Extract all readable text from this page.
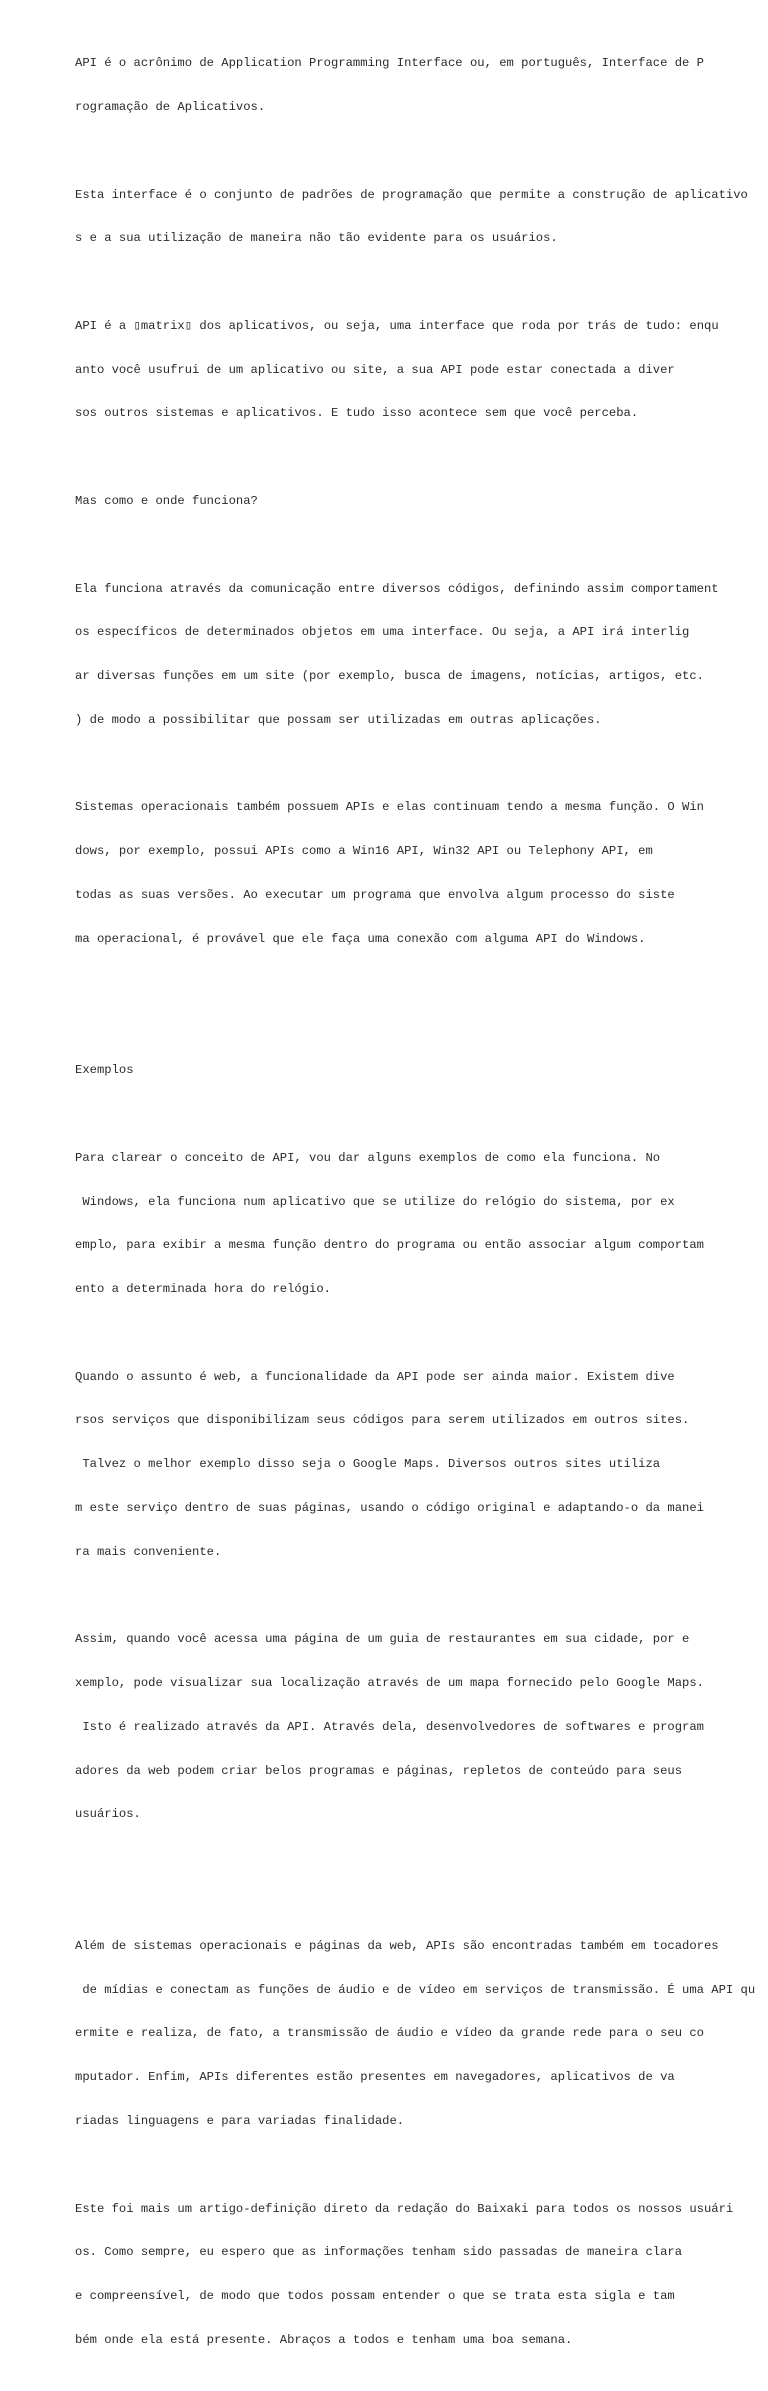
API é o acrônimo de Application Programming Interface ou, em português, Interface de P

rogramação de Aplicativos.

Esta interface é o conjunto de padrões de programação que permite a construção de aplicativo

s e a sua utilização de maneira não tão evidente para os usuários.

API é a ▯matrix▯ dos aplicativos, ou seja, uma interface que roda por trás de tudo: enqu

anto você usufrui de um aplicativo ou site, a sua API pode estar conectada a diver

sos outros sistemas e aplicativos. E tudo isso acontece sem que você perceba.

Mas como e onde funciona?

Ela funciona através da comunicação entre diversos códigos, definindo assim comportament

os específicos de determinados objetos em uma interface. Ou seja, a API irá interlig

ar diversas funções em um site (por exemplo, busca de imagens, notícias, artigos, etc.

) de modo a possibilitar que possam ser utilizadas em outras aplicações.

Sistemas operacionais também possuem APIs e elas continuam tendo a mesma função. O Win

dows, por exemplo, possui APIs como a Win16 API, Win32 API ou Telephony API, em

todas as suas versões. Ao executar um programa que envolva algum processo do siste

ma operacional, é provável que ele faça uma conexão com alguma API do Windows.

Exemplos

Para clarear o conceito de API, vou dar alguns exemplos de como ela funciona. No

Windows, ela funciona num aplicativo que se utilize do relógio do sistema, por ex

emplo, para exibir a mesma função dentro do programa ou então associar algum comportam

ento a determinada hora do relógio.

Quando o assunto é web, a funcionalidade da API pode ser ainda maior. Existem dive

rsos serviços que disponibilizam seus códigos para serem utilizados em outros sites.

Talvez o melhor exemplo disso seja o Google Maps. Diversos outros sites utiliza

m este serviço dentro de suas páginas, usando o código original e adaptando-o da manei

ra mais conveniente.

Assim, quando você acessa uma página de um guia de restaurantes em sua cidade, por e

xemplo, pode visualizar sua localização através de um mapa fornecido pelo Google Maps.

Isto é realizado através da API. Através dela, desenvolvedores de softwares e program

adores da web podem criar belos programas e páginas, repletos de conteúdo para seus

usuários.

Além de sistemas operacionais e páginas da web, APIs são encontradas também em tocadores

de mídias e conectam as funções de áudio e de vídeo em serviços de transmissão. É uma API qu

ermite e realiza, de fato, a transmissão de áudio e vídeo da grande rede para o seu co

mputador. Enfim, APIs diferentes estão presentes em navegadores, aplicativos de va

riadas linguagens e para variadas finalidade.

Este foi mais um artigo-definição direto da redação do Baixaki para todos os nossos usuári

os. Como sempre, eu espero que as informações tenham sido passadas de maneira clara

e compreensível, de modo que todos possam entender o que se trata esta sigla e tam

bém onde ela está presente. Abraços a todos e tenham uma boa semana.
